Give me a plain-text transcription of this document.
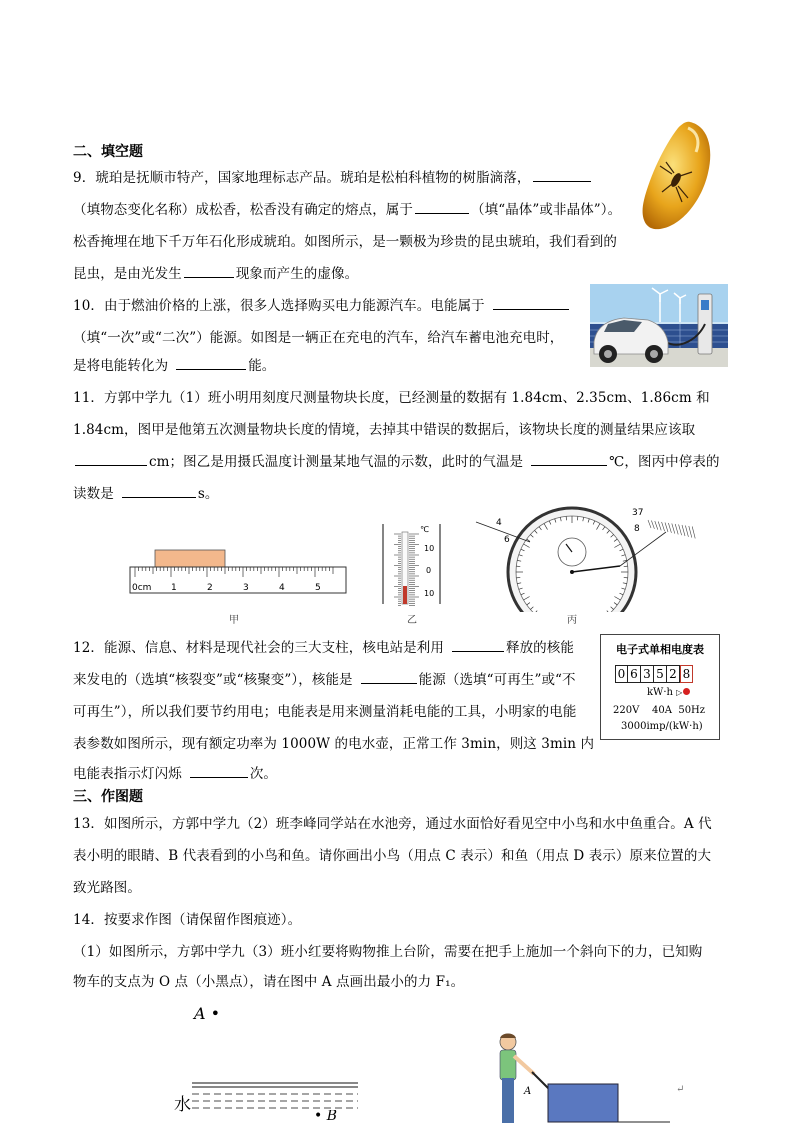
二、填空题
9．琥珀是抚顺市特产，国家地理标志产品。琥珀是松柏科植物的树脂滴落，
（填物态变化名称）成松香，松香没有确定的熔点，属于	（填“晶体”或非晶体”）。
松香掩埋在地下千万年石化形成琥珀。如图所示，是一颗极为珍贵的昆虫琥珀，我们看到的
昆虫，是由光发生	现象而产生的虚像。
10．由于燃油价格的上涨，很多人选择购买电力能源汽车。电能属于
（填“一次”或“二次”）能源。如图是一辆正在充电的汽车，给汽车蓄电池充电时，
是将电能转化为	能。
11．方郭中学九（1）班小明用刻度尺测量物块长度，已经测量的数据有 1.84cm、2.35cm、1.86cm 和
1.84cm，图甲是他第五次测量物块长度的情境，去掉其中错误的数据后，该物块长度的测量结果应该取
cm；图乙是用摄氏温度计测量某地气温的示数，此时的气温是	℃，图丙中停表的
读数是	s。
0cm 1	2	3	4	5
甲
℃
10
0
10
乙
4
6
37
8
丙
12．能源、信息、材料是现代社会的三大支柱，核电站是利用	释放的核能
来发电的（选填“核裂变”或“核聚变”），核能是	能源（选填“可再生”或“不
可再生”），所以我们要节约用电；电能表是用来测量消耗电能的工具，小明家的电能
表参数如图所示，现有额定功率为 1000W 的电水壶，正常工作 3min，则这 3min 内
电能表指示灯闪烁	次。
电子式单相电度表
0 6 3 5 2 8
kW·h ▷
220V    40A  50Hz
3000imp/(kW·h)
三、作图题
13．如图所示，方郭中学九（2）班李峰同学站在水池旁，通过水面恰好看见空中小鸟和水中鱼重合。A 代
表小明的眼睛、B 代表看到的小鸟和鱼。请你画出小鸟（用点 C 表示）和鱼（用点 D 表示）原来位置的大
致光路图。
14．按要求作图（请保留作图痕迹）。
（1）如图所示，方郭中学九（3）班小红要将购物推上台阶，需要在把手上施加一个斜向下的力，已知购
物车的支点为 O 点（小黑点），请在图中 A 点画出最小的力 F₁。
A •
水
• B
A	↵
